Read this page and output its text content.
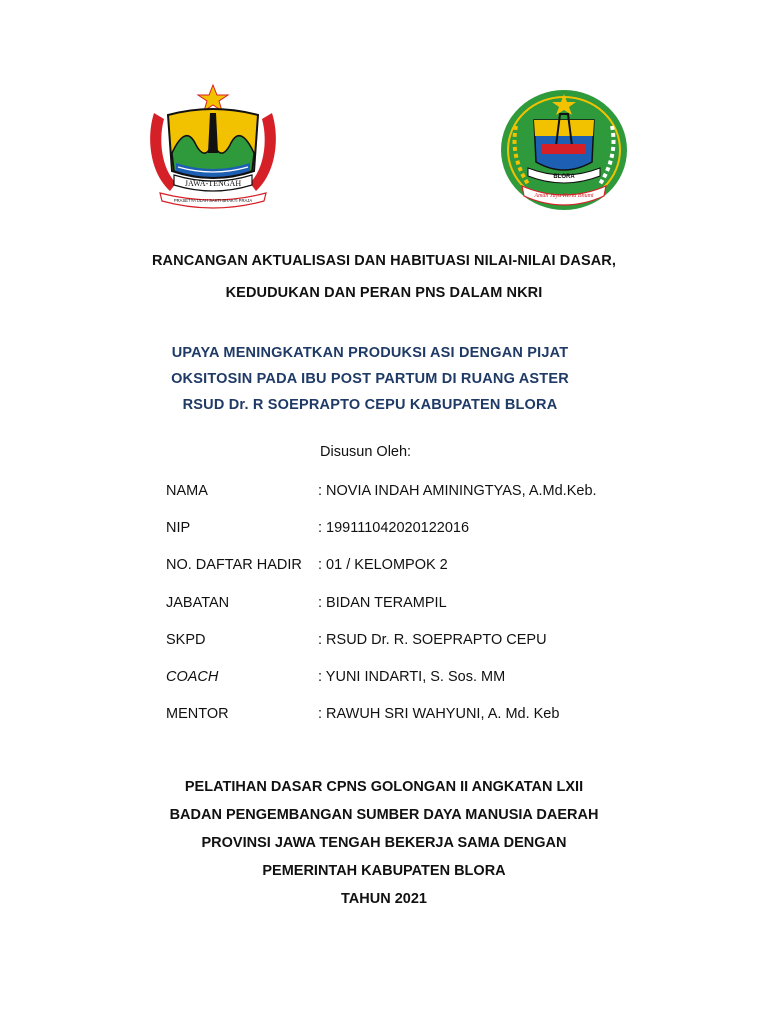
JAWA-TENGAH
PRASETYA ULAH SAKTI BHAKTI PRAJA
BLORA
Aman Jaya Kerta Bhumi
RANCANGAN AKTUALISASI DAN HABITUASI NILAI-NILAI DASAR,
KEDUDUKAN DAN PERAN PNS DALAM NKRI
UPAYA MENINGKATKAN PRODUKSI ASI DENGAN PIJAT
OKSITOSIN PADA IBU POST PARTUM DI RUANG ASTER
RSUD Dr. R SOEPRAPTO CEPU KABUPATEN BLORA
Disusun Oleh:
NAMA	: NOVIA INDAH AMININGTYAS, A.Md.Keb.
NIP	: 199111042020122016
NO. DAFTAR HADIR : 01 / KELOMPOK 2
JABATAN	: BIDAN TERAMPIL
SKPD	: RSUD Dr. R. SOEPRAPTO CEPU
COACH	: YUNI INDARTI, S. Sos. MM
MENTOR	: RAWUH SRI WAHYUNI, A. Md. Keb
PELATIHAN DASAR CPNS GOLONGAN II ANGKATAN LXII
BADAN PENGEMBANGAN SUMBER DAYA MANUSIA DAERAH
PROVINSI JAWA TENGAH BEKERJA SAMA DENGAN
PEMERINTAH KABUPATEN BLORA
TAHUN 2021
